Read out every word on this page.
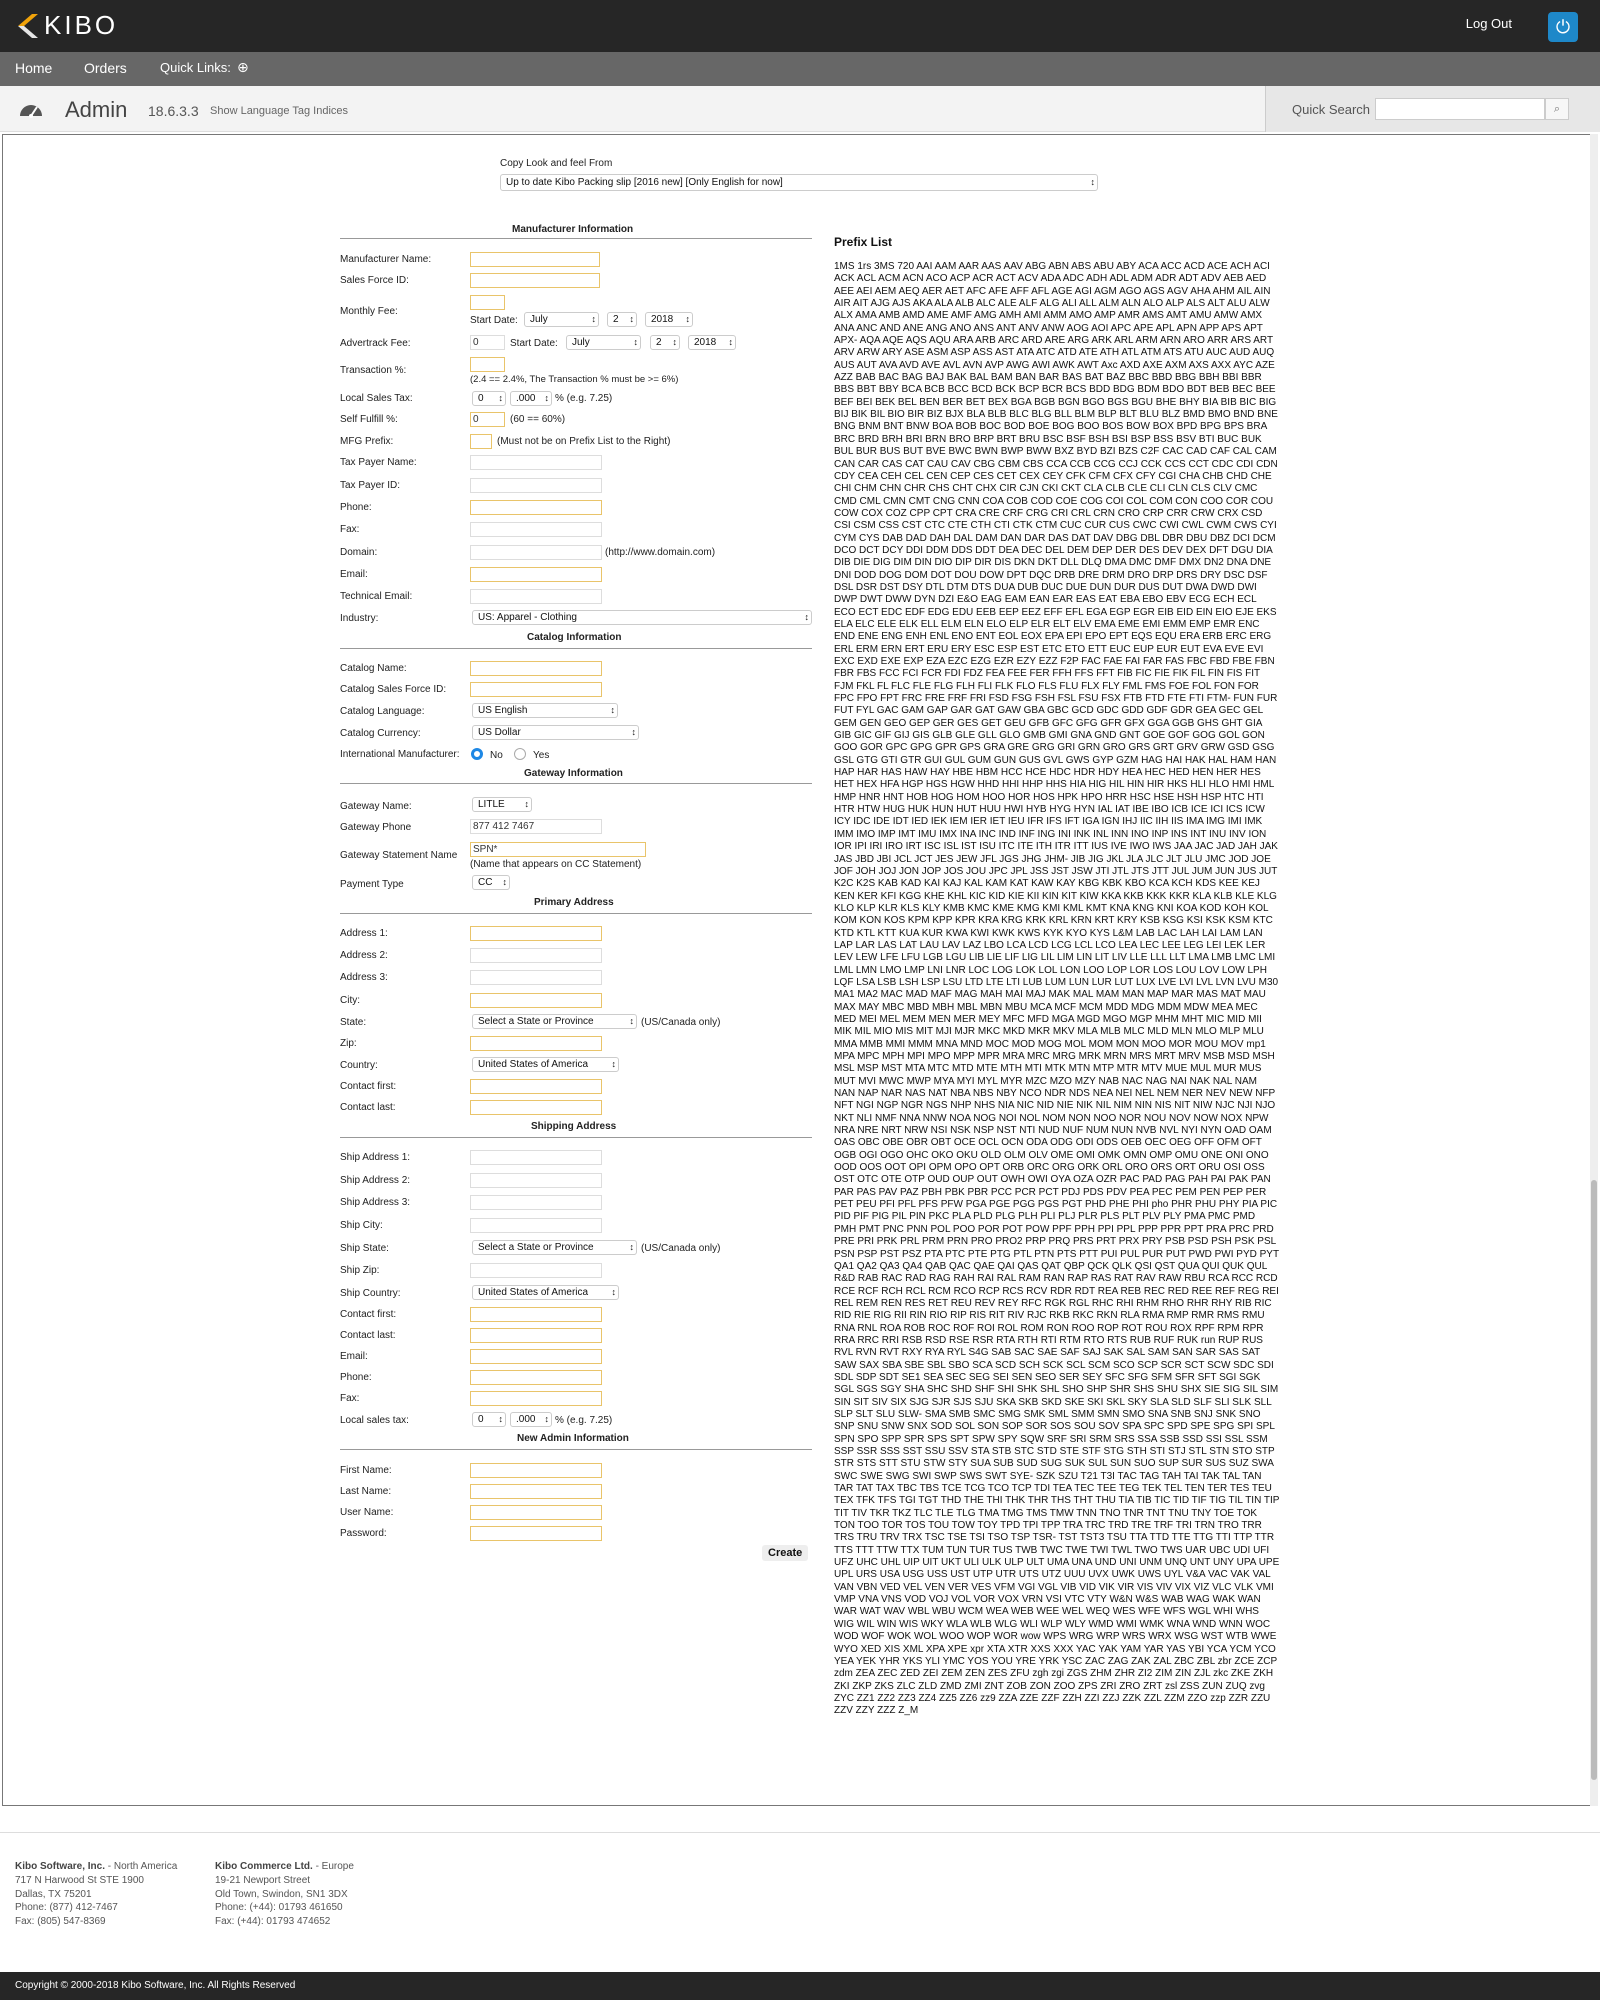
KIBO	Log Out	⏻
Home Orders	Quick Links: ⊕
Admin 18.6.3.3 Show Language Tag Indices	Quick Search	⌕
Copy Look and feel From
Up to date Kibo Packing slip [2016 new] [Only English for now] ↕
Manufacturer Information
Manufacturer Name:
Sales Force ID:
Monthly Fee:
Start Date:	July ↕	2 ↕	2018 ↕
Advertrack Fee:	0	Start Date:	July ↕	2 ↕	2018 ↕
Transaction %:
(2.4 == 2.4%, The Transaction % must be >= 6%)
Local Sales Tax:	0 ↕	.000 ↕	% (e.g. 7.25)
Self Fulfill %:	0	(60 == 60%)
MFG Prefix:	(Must not be on Prefix List to the Right)
Tax Payer Name:
Tax Payer ID:
Phone:
Fax:
Domain:	(http://www.domain.com)
Email:
Technical Email:
Industry:	US: Apparel - Clothing ↕
Catalog Information
Catalog Name:
Catalog Sales Force ID:
Catalog Language:	US English ↕
Catalog Currency:	US Dollar ↕
International Manufacturer:	No	Yes
Gateway Information
Gateway Name:	LITLE ↕
Gateway Phone	877 412 7467
Gateway Statement Name
SPN*
(Name that appears on CC Statement)
Payment Type	CC ↕
Primary Address
Address 1:
Address 2:
Address 3:
City:
State:	Select a State or Province ↕	(US/Canada only)
Zip:
Country:	United States of America ↕
Contact first:
Contact last:
Shipping Address
Ship Address 1:
Ship Address 2:
Ship Address 3:
Ship City:
Ship State:	Select a State or Province ↕	(US/Canada only)
Ship Zip:
Ship Country:	United States of America ↕
Contact first:
Contact last:
Email:
Phone:
Fax:
Local sales tax:	0 ↕	.000 ↕	% (e.g. 7.25)
New Admin Information
First Name:
Last Name:
User Name:
Password:
Create
Prefix List
1MS 1rs 3MS 720 AAI AAM AAR AAS AAV ABG ABN ABS ABU ABY ACA ACC ACD ACE ACH ACI ACK ACL ACM ACN ACO ACP ACR ACT ACV ADA ADC ADH ADL ADM ADR ADT ADV AEB AED AEE AEI AEM AEQ AER AET AFC AFE AFF AFL AGE AGI AGM AGO AGS AGV AHA AHM AIL AIN AIR AIT AJG AJS AKA ALA ALB ALC ALE ALF ALG ALI ALL ALM ALN ALO ALP ALS ALT ALU ALW ALX AMA AMB AMD AME AMF AMG AMH AMI AMM AMO AMP AMR AMS AMT AMU AMW AMX ANA ANC AND ANE ANG ANO ANS ANT ANV ANW AOG AOI APC APE APL APN APP APS APT APX- AQA AQE AQS AQU ARA ARB ARC ARD ARE ARG ARK ARL ARM ARN ARO ARR ARS ART ARV ARW ARY ASE ASM ASP ASS AST ATA ATC ATD ATE ATH ATL ATM ATS ATU AUC AUD AUQ AUS AUT AVA AVD AVE AVL AVN AVP AWG AWI AWK AWT Axc AXD AXE AXM AXS AXX AYC AZE AZZ BAB BAC BAG BAJ BAK BAL BAM BAN BAR BAS BAT BAZ BBC BBD BBG BBH BBI BBR BBS BBT BBY BCA BCB BCC BCD BCK BCP BCR BCS BDD BDG BDM BDO BDT BEB BEC BEE BEF BEI BEK BEL BEN BER BET BEX BGA BGB BGN BGO BGS BGU BHE BHY BIA BIB BIC BIG BIJ BIK BIL BIO BIR BIZ BJX BLA BLB BLC BLG BLL BLM BLP BLT BLU BLZ BMD BMO BND BNE BNG BNM BNT BNW BOA BOB BOC BOD BOE BOG BOO BOS BOW BOX BPD BPG BPS BRA BRC BRD BRH BRI BRN BRO BRP BRT BRU BSC BSF BSH BSI BSP BSS BSV BTI BUC BUK BUL BUR BUS BUT BVE BWC BWN BWP BWW BXZ BYD BZI BZS C2F CAC CAD CAF CAL CAM CAN CAR CAS CAT CAU CAV CBG CBM CBS CCA CCB CCG CCJ CCK CCS CCT CDC CDI CDN CDY CEA CEH CEL CEN CEP CES CET CEX CEY CFK CFM CFX CFY CGI CHA CHB CHD CHE CHI CHM CHN CHR CHS CHT CHX CIR CJN CKI CKT CLA CLB CLE CLI CLN CLS CLV CMC CMD CML CMN CMT CNG CNN COA COB COD COE COG COI COL COM CON COO COR COU COW COX COZ CPP CPT CRA CRE CRF CRG CRI CRL CRN CRO CRP CRR CRW CRX CSD CSI CSM CSS CST CTC CTE CTH CTI CTK CTM CUC CUR CUS CWC CWI CWL CWM CWS CYI CYM CYS DAB DAD DAH DAL DAM DAN DAR DAS DAT DAV DBG DBL DBR DBU DBZ DCI DCM DCO DCT DCY DDI DDM DDS DDT DEA DEC DEL DEM DEP DER DES DEV DEX DFT DGU DIA DIB DIE DIG DIM DIN DIO DIP DIR DIS DKN DKT DLL DLQ DMA DMC DMF DMX DN2 DNA DNE DNI DOD DOG DOM DOT DOU DOW DPT DQC DRB DRE DRM DRO DRP DRS DRY DSC DSF DSL DSR DST DSY DTL DTM DTS DUA DUB DUC DUE DUN DUR DUS DUT DWA DWD DWI DWP DWT DWW DYN DZI E&O EAG EAM EAN EAR EAS EAT EBA EBO EBV ECG ECH ECL ECO ECT EDC EDF EDG EDU EEB EEP EEZ EFF EFL EGA EGP EGR EIB EID EIN EIO EJE EKS ELA ELC ELE ELK ELL ELM ELN ELO ELP ELR ELT ELV EMA EME EMI EMM EMP EMR ENC END ENE ENG ENH ENL ENO ENT EOL EOX EPA EPI EPO EPT EQS EQU ERA ERB ERC ERG ERL ERM ERN ERT ERU ERY ESC ESP EST ETC ETO ETT EUC EUP EUR EUT EVA EVE EVI EXC EXD EXE EXP EZA EZC EZG EZR EZY EZZ F2P FAC FAE FAI FAR FAS FBC FBD FBE FBN FBR FBS FCC FCI FCR FDI FDZ FEA FEE FER FFH FFS FFT FIB FIC FIE FIK FIL FIN FIS FIT FJM FKL FL FLC FLE FLG FLH FLI FLK FLO FLS FLU FLX FLY FML FMS FOE FOL FON FOR FPC FPO FPT FRC FRE FRF FRI FSD FSG FSH FSL FSU FSX FTB FTD FTE FTI FTM- FUN FUR FUT FYL GAC GAM GAP GAR GAT GAW GBA GBC GCD GDC GDD GDF GDR GEA GEC GEL GEM GEN GEO GEP GER GES GET GEU GFB GFC GFG GFR GFX GGA GGB GHS GHT GIA GIB GIC GIF GIJ GIS GLB GLE GLL GLO GMB GMI GNA GND GNT GOE GOF GOG GOL GON GOO GOR GPC GPG GPR GPS GRA GRE GRG GRI GRN GRO GRS GRT GRV GRW GSD GSG GSL GTG GTI GTR GUI GUL GUM GUN GUS GVL GWS GYP GZM HAG HAI HAK HAL HAM HAN HAP HAR HAS HAW HAY HBE HBM HCC HCE HDC HDR HDY HEA HEC HED HEN HER HES HET HEX HFA HGP HGS HGW HHD HHI HHP HHS HIA HIG HIL HIN HIR HKS HLI HLO HMI HML HMP HNR HNT HOB HOG HOM HOO HOR HOS HPK HPO HRR HSC HSE HSH HSP HTC HTI HTR HTW HUG HUK HUN HUT HUU HWI HYB HYG HYN IAL IAT IBE IBO ICB ICE ICI ICS ICW ICY IDC IDE IDT IED IEK IEM IER IET IEU IFR IFS IFT IGA IGN IHJ IIC IIH IIS IMA IMG IMI IMK IMM IMO IMP IMT IMU IMX INA INC IND INF ING INI INK INL INN INO INP INS INT INU INV ION IOR IPI IRI IRO IRT ISC ISL IST ISU ITC ITE ITH ITR ITT IUS IVE IWO IWS JAA JAC JAD JAH JAK JAS JBD JBI JCL JCT JES JEW JFL JGS JHG JHM- JIB JIG JKL JLA JLC JLT JLU JMC JOD JOE JOF JOH JOJ JON JOP JOS JOU JPC JPL JSS JST JSW JTI JTL JTS JTT JUL JUM JUN JUS JUT K2C K2S KAB KAD KAI KAJ KAL KAM KAT KAW KAY KBG KBK KBO KCA KCH KDS KEE KEJ KEN KER KFI KGG KHE KHL KIC KID KIE KII KIN KIT KIW KKA KKB KKK KKR KLA KLB KLE KLG KLO KLP KLR KLS KLY KMB KMC KME KMG KMI KML KMT KNA KNG KNI KOA KOD KOH KOL KOM KON KOS KPM KPP KPR KRA KRG KRK KRL KRN KRT KRY KSB KSG KSI KSK KSM KTC KTD KTL KTT KUA KUR KWA KWI KWK KWS KYK KYO KYS L&M LAB LAC LAH LAI LAM LAN LAP LAR LAS LAT LAU LAV LAZ LBO LCA LCD LCG LCL LCO LEA LEC LEE LEG LEI LEK LER LEV LEW LFE LFU LGB LGU LIB LIE LIF LIG LIL LIM LIN LIT LIV LLE LLL LLT LMA LMB LMC LMI LML LMN LMO LMP LNI LNR LOC LOG LOK LOL LON LOO LOP LOR LOS LOU LOV LOW LPH LQF LSA LSB LSH LSP LSU LTD LTE LTI LUB LUM LUN LUR LUT LUX LVE LVI LVL LVN LVU M30 MA1 MA2 MAC MAD MAF MAG MAH MAI MAJ MAK MAL MAM MAN MAP MAR MAS MAT MAU MAX MAY MBC MBD MBH MBL MBN MBU MCA MCF MCM MDD MDG MDM MDW MEA MEC MED MEI MEL MEM MEN MER MEY MFC MFD MGA MGD MGO MGP MHM MHT MIC MID MII MIK MIL MIO MIS MIT MJI MJR MKC MKD MKR MKV MLA MLB MLC MLD MLN MLO MLP MLU MMA MMB MMI MMM MNA MND MOC MOD MOG MOL MOM MON MOO MOR MOU MOV mp1 MPA MPC MPH MPI MPO MPP MPR MRA MRC MRG MRK MRN MRS MRT MRV MSB MSD MSH MSL MSP MST MTA MTC MTD MTE MTH MTI MTK MTN MTP MTR MTV MUE MUL MUR MUS MUT MVI MWC MWP MYA MYI MYL MYR MZC MZO MZY NAB NAC NAG NAI NAK NAL NAM NAN NAP NAR NAS NAT NBA NBS NBY NCO NDR NDS NEA NEI NEL NEM NER NEV NEW NFP NFT NGI NGP NGR NGS NHP NHS NIA NIC NID NIE NIK NIL NIM NIN NIS NIT NIW NJC NJI NJO NKT NLI NMF NNA NNW NOA NOG NOI NOL NOM NON NOO NOR NOU NOV NOW NOX NPW NRA NRE NRT NRW NSI NSK NSP NST NTI NUD NUF NUM NUN NVB NVL NYI NYN OAD OAM OAS OBC OBE OBR OBT OCE OCL OCN ODA ODG ODI ODS OEB OEC OEG OFF OFM OFT OGB OGI OGO OHC OKO OKU OLD OLM OLV OME OMI OMK OMN OMP OMU ONE ONI ONO OOD OOS OOT OPI OPM OPO OPT ORB ORC ORG ORK ORL ORO ORS ORT ORU OSI OSS OST OTC OTE OTP OUD OUP OUT OWH OWI OYA OZA OZR PAC PAD PAG PAH PAI PAK PAN PAR PAS PAV PAZ PBH PBK PBR PCC PCR PCT PDJ PDS PDV PEA PEC PEM PEN PEP PER PET PEU PFI PFL PFS PFW PGA PGE PGG PGS PGT PHD PHE PHI pho PHR PHU PHY PIA PIC PID PIF PIG PIL PIN PKC PLA PLD PLG PLH PLI PLJ PLR PLS PLT PLV PLY PMA PMC PMD PMH PMT PNC PNN POL POO POR POT POW PPF PPH PPI PPL PPP PPR PPT PRA PRC PRD PRE PRI PRK PRL PRM PRN PRO PRO2 PRP PRQ PRS PRT PRX PRY PSB PSD PSH PSK PSL PSN PSP PST PSZ PTA PTC PTE PTG PTL PTN PTS PTT PUI PUL PUR PUT PWD PWI PYD PYT QA1 QA2 QA3 QA4 QAB QAC QAE QAI QAS QAT QBP QCK QLK QSI QST QUA QUI QUK QUL R&D RAB RAC RAD RAG RAH RAI RAL RAM RAN RAP RAS RAT RAV RAW RBU RCA RCC RCD RCE RCF RCH RCL RCM RCO RCP RCS RCV RDR RDT REA REB REC RED REE REF REG REI REL REM REN RES RET REU REV REY RFC RGK RGL RHC RHI RHM RHO RHR RHY RIB RIC RID RIE RIG RII RIN RIO RIP RIS RIT RIV RJC RKB RKC RKN RLA RMA RMP RMR RMS RMU RNA RNL ROA ROB ROC ROF ROI ROL ROM RON ROO ROP ROT ROU ROX RPF RPM RPR RRA RRC RRI RSB RSD RSE RSR RTA RTH RTI RTM RTO RTS RUB RUF RUK run RUP RUS RVL RVN RVT RXY RYA RYL S4G SAB SAC SAE SAF SAJ SAK SAL SAM SAN SAR SAS SAT SAW SAX SBA SBE SBL SBO SCA SCD SCH SCK SCL SCM SCO SCP SCR SCT SCW SDC SDI SDL SDP SDT SE1 SEA SEC SEG SEI SEN SEO SER SEY SFC SFG SFM SFR SFT SGI SGK SGL SGS SGY SHA SHC SHD SHF SHI SHK SHL SHO SHP SHR SHS SHU SHX SIE SIG SIL SIM SIN SIT SIV SIX SJG SJR SJS SJU SKA SKB SKD SKE SKI SKL SKY SLA SLD SLF SLI SLK SLL SLP SLT SLU SLW- SMA SMB SMC SMG SMK SML SMM SMN SMO SNA SNB SNJ SNK SNO SNP SNU SNW SNX SOD SOL SON SOP SOR SOS SOU SOV SPA SPC SPD SPE SPG SPI SPL SPN SPO SPP SPR SPS SPT SPW SPY SQW SRF SRI SRM SRS SSA SSB SSD SSI SSL SSM SSP SSR SSS SST SSU SSV STA STB STC STD STE STF STG STH STI STJ STL STN STO STP STR STS STT STU STW STY SUA SUB SUD SUG SUK SUL SUN SUO SUP SUR SUS SUZ SWA SWC SWE SWG SWI SWP SWS SWT SYE- SZK SZU T21 T3I TAC TAG TAH TAI TAK TAL TAN TAR TAT TAX TBC TBS TCE TCG TCO TCP TDI TEA TEC TEE TEG TEK TEL TEN TER TES TEU TEX TFK TFS TGI TGT THD THE THI THK THR THS THT THU TIA TIB TIC TID TIF TIG TIL TIN TIP TIT TIV TKR TKZ TLC TLE TLG TMA TMG TMS TMW TNN TNO TNR TNT TNU TNY TOE TOK TON TOO TOR TOS TOU TOW TOY TPD TPI TPP TRA TRC TRD TRE TRF TRI TRN TRO TRR TRS TRU TRV TRX TSC TSE TSI TSO TSP TSR- TST TST3 TSU TTA TTD TTE TTG TTI TTP TTR TTS TTT TTW TTX TUM TUN TUR TUS TWB TWC TWE TWI TWL TWO TWS UAR UBC UDI UFI UFZ UHC UHL UIP UIT UKT ULI ULK ULP ULT UMA UNA UND UNI UNM UNQ UNT UNY UPA UPE UPL URS USA USG USS UST UTP UTR UTS UTZ UUU UVX UWK UWS UYL V&A VAC VAK VAL VAN VBN VED VEL VEN VER VES VFM VGI VGL VIB VID VIK VIR VIS VIV VIX VIZ VLC VLK VMI VMP VNA VNS VOD VOJ VOL VOR VOX VRN VSI VTC VTY W&N W&S WAB WAG WAK WAN WAR WAT WAV WBL WBU WCM WEA WEB WEE WEL WEQ WES WFE WFS WGL WHI WHS WIG WIL WIN WIS WKY WLA WLB WLG WLI WLP WLY WMD WMI WMK WNA WND WNN WOC WOD WOF WOK WOL WOO WOP WOR wow WPS WRG WRP WRS WRX WSG WST WTB WWE WYO XED XIS XML XPA XPE xpr XTA XTR XXS XXX YAC YAK YAM YAR YAS YBI YCA YCM YCO YEA YEK YHR YKS YLI YMC YOS YOU YRE YRK YSC ZAC ZAG ZAK ZAL ZBC ZBL zbr ZCE ZCP zdm ZEA ZEC ZED ZEI ZEM ZEN ZES ZFU zgh zgi ZGS ZHM ZHR ZI2 ZIM ZIN ZJL zkc ZKE ZKH ZKI ZKP ZKS ZLC ZLD ZMD ZMI ZNT ZOB ZON ZOO ZPS ZRI ZRO ZRT zsl ZSS ZUN ZUQ zvg ZYC ZZ1 ZZ2 ZZ3 ZZ4 ZZ5 ZZ6 zz9 ZZA ZZE ZZF ZZH ZZI ZZJ ZZK ZZL ZZM ZZO zzp ZZR ZZU ZZV ZZY ZZZ Z_M
Kibo Software, Inc. - North America
717 N Harwood St STE 1900
Dallas, TX 75201
Phone: (877) 412-7467
Fax: (805) 547-8369
Kibo Commerce Ltd. - Europe
19-21 Newport Street
Old Town, Swindon, SN1 3DX
Phone: (+44): 01793 461650
Fax: (+44): 01793 474652
Copyright © 2000-2018 Kibo Software, Inc. All Rights Reserved
